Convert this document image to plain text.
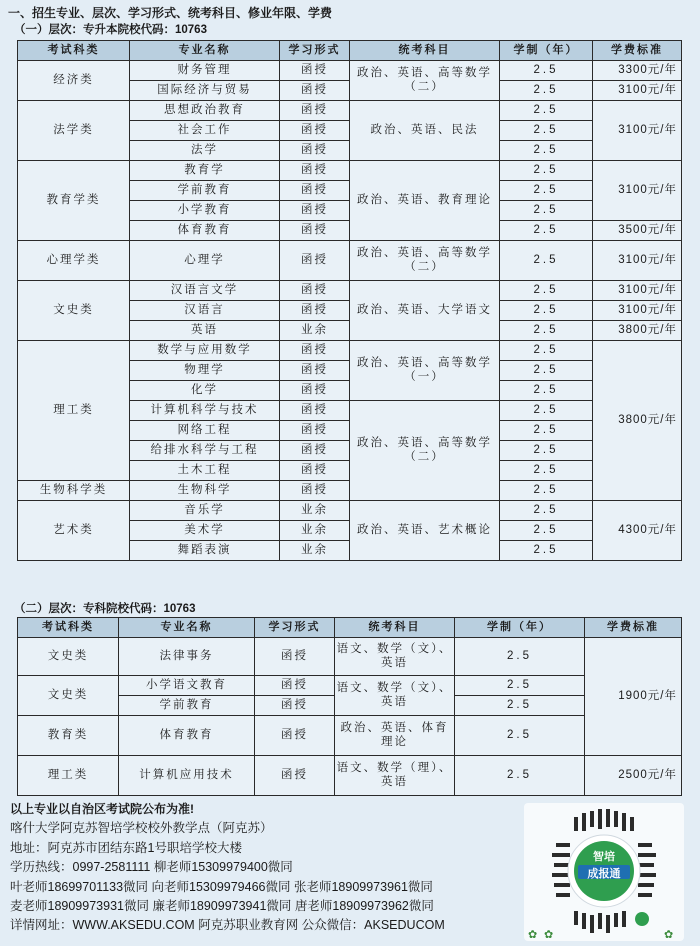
一、招生专业、层次、学习形式、统考科目、修业年限、学费
（一）层次：专升本院校代码：10763
考试科类	专业名称	学习形式	统考科目	学制（年）	学费标准
经济类	财务管理	函授	政治、英语、高等数学（二）	2.5	3300元/年
	国际经济与贸易	函授		2.5	3100元/年
法学类	思想政治教育	函授	政治、英语、民法	2.5	3100元/年
	社会工作	函授		2.5	
	法学	函授		2.5	
教育学类	教育学	函授	政治、英语、教育理论	2.5	3100元/年
	学前教育	函授		2.5	
	小学教育	函授		2.5	
	体育教育	函授		2.5	3500元/年
心理学类	心理学	函授	政治、英语、高等数学（二）	2.5	3100元/年
文史类	汉语言文学	函授	政治、英语、大学语文	2.5	3100元/年
	汉语言	函授		2.5	3100元/年
	英语	业余		2.5	3800元/年
理工类	数学与应用数学	函授	政治、英语、高等数学（一）	2.5	3800元/年
	物理学	函授		2.5	
	化学	函授		2.5	
	计算机科学与技术	函授	政治、英语、高等数学（二）	2.5	
	网络工程	函授		2.5	
	给排水科学与工程	函授		2.5	
	土木工程	函授		2.5	
生物科学类	生物科学	函授		2.5	
艺术类	音乐学	业余	政治、英语、艺术概论	2.5	4300元/年
	美术学	业余		2.5	
	舞蹈表演	业余		2.5	
（二）层次：专科院校代码：10763
考试科类	专业名称	学习形式	统考科目	学制（年）	学费标准
文史类	法律事务	函授	语文、数学（文）、英语	2.5	1900元/年
文史类	小学语文教育	函授	语文、数学（文）、英语	2.5	
	学前教育	函授		2.5	
教育类	体育教育	函授	政治、英语、体育理论	2.5	
理工类	计算机应用技术	函授	语文、数学（理）、英语	2.5	2500元/年
以上专业以自治区考试院公布为准!
喀什大学阿克苏智培学校校外教学点（阿克苏）
地址：阿克苏市团结东路1号职培学校大楼
学历热线：0997-2581111 柳老师15309979400微同
叶老师18699701133微同 向老师15309979466微同 张老师18909973961微同
麦老师18909973931微同 廉老师18909973941微同 唐老师18909973962微同
详情网址：WWW.AKSEDU.COM 阿克苏职业教育网 公众微信：AKSEDUCOM
智培
成报通
✿ ✿	✿
